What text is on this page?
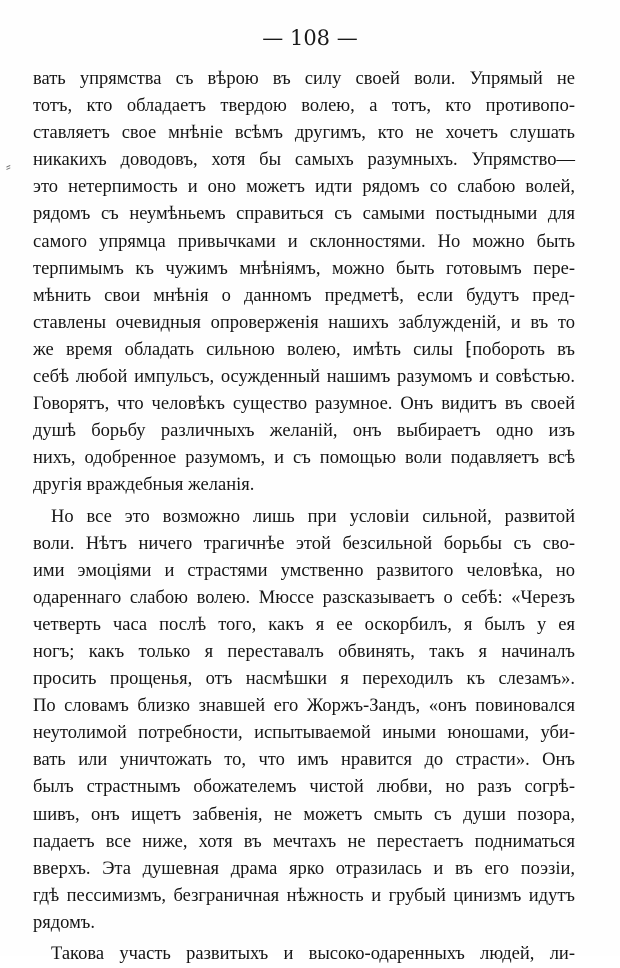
— 108 —
⸗
вать упрямства съ вѣрою въ силу своей воли. Упрямый не
тотъ, кто обладаетъ твердою волею, а тотъ, кто противопо-
ставляетъ свое мнѣніе всѣмъ другимъ, кто не хочетъ слушать
никакихъ доводовъ, хотя бы самыхъ разумныхъ. Упрямство—
это нетерпимость и оно можетъ идти рядомъ со слабою волей,
рядомъ съ неумѣньемъ справиться съ самыми постыдными для
самого упрямца привычками и склонностями. Но можно быть
терпимымъ къ чужимъ мнѣніямъ, можно быть готовымъ пере-
мѣнить свои мнѣнія о данномъ предметѣ, если будутъ пред-
ставлены очевидныя опроверженія нашихъ заблужденій, и въ то
же время обладать сильною волею, имѣть силы ⁅побороть въ
себѣ любой импульсъ, осужденный нашимъ разумомъ и совѣстью.
Говорятъ, что человѣкъ существо разумное. Онъ видитъ въ своей
душѣ борьбу различныхъ желаній, онъ выбираетъ одно изъ
нихъ, одобренное разумомъ, и съ помощью воли подавляетъ всѣ
другія враждебныя желанія.
Но все это возможно лишь при условіи сильной, развитой
воли. Нѣтъ ничего трагичнѣе этой безсильной борьбы съ сво-
ими эмоціями и страстями умственно развитого человѣка, но
одареннаго слабою волею. Мюссе разсказываетъ о себѣ: «Черезъ
четверть часа послѣ того, какъ я ее оскорбилъ, я былъ у ея
ногъ; какъ только я переставалъ обвинять, такъ я начиналъ
просить прощенья, отъ насмѣшки я переходилъ къ слезамъ».
По словамъ близко знавшей его Жоржъ-Зандъ, «онъ повиновался
неутолимой потребности, испытываемой иными юношами, уби-
вать или уничтожать то, что имъ нравится до страсти». Онъ
былъ страстнымъ обожателемъ чистой любви, но разъ согрѣ-
шивъ, онъ ищетъ забвенія, не можетъ смыть съ души позора,
падаетъ все ниже, хотя въ мечтахъ не перестаетъ подниматься
вверхъ. Эта душевная драма ярко отразилась и въ его поэзіи,
гдѣ пессимизмъ, безграничная нѣжность и грубый цинизмъ идутъ
рядомъ.
Такова участь развитыхъ и высоко-одаренныхъ людей, ли-
